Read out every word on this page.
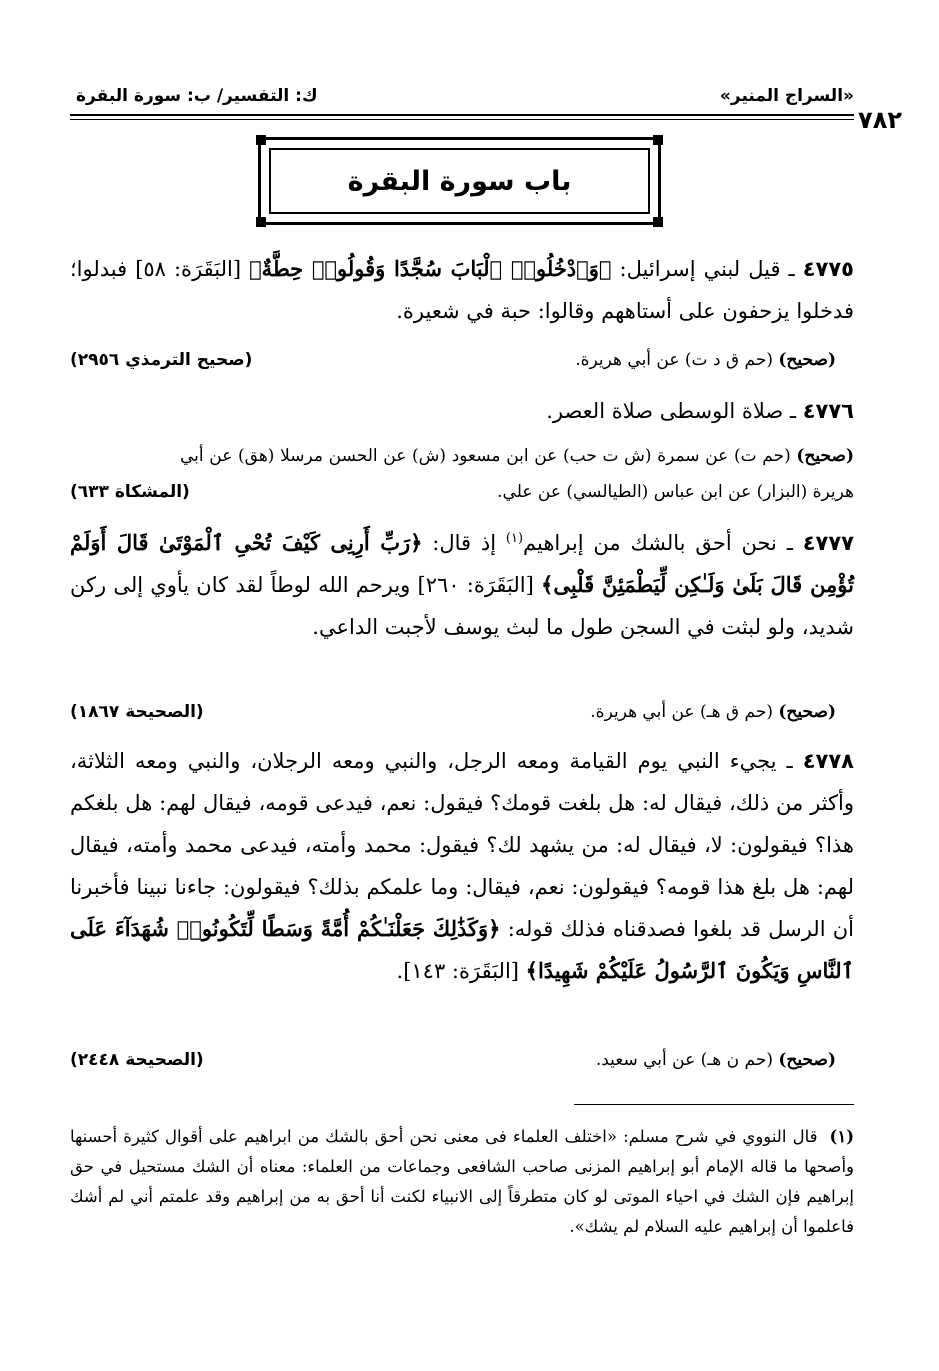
«السراج المنير»
ك: التفسير/ ب: سورة البقرة
٧٨٢
باب سورة البقرة
٤٧٧٥ ـ قيل لبني إسرائيل: ﴿وَٱدْخُلُوا۟ ٱلْبَابَ سُجَّدًا وَقُولُوا۟ حِطَّةٌ﴾ [البَقَرَة: ٥٨] فبدلوا؛ فدخلوا يزحفون على أستاههم وقالوا: حبة في شعيرة.
(صحيح) (حم ق د ت) عن أبي هريرة.
(صحيح الترمذي ٢٩٥٦)
٤٧٧٦ ـ صلاة الوسطى صلاة العصر.
(صحيح) (حم ت) عن سمرة (ش ت حب) عن ابن مسعود (ش) عن الحسن مرسلا (هق) عن أبي هريرة (البزار) عن ابن عباس (الطيالسي) عن علي.
(المشكاة ٦٣٣)
٤٧٧٧ ـ نحن أحق بالشك من إبراهيم$^{(١)}$ إذ قال: ﴿رَبِّ أَرِنِى كَيْفَ تُحْىِ ٱلْمَوْتَىٰ قَالَ أَوَلَمْ تُؤْمِن قَالَ بَلَىٰ وَلَـٰكِن لِّيَطْمَئِنَّ قَلْبِى﴾ [البَقَرَة: ٢٦٠] ويرحم الله لوطاً لقد كان يأوي إلى ركن شديد، ولو لبثت في السجن طول ما لبث يوسف لأجبت الداعي.
(صحيح) (حم ق هـ) عن أبي هريرة.
(الصحيحة ١٨٦٧)
٤٧٧٨ ـ يجيء النبي يوم القيامة ومعه الرجل، والنبي ومعه الرجلان، والنبي ومعه الثلاثة، وأكثر من ذلك، فيقال له: هل بلغت قومك؟ فيقول: نعم، فيدعى قومه، فيقال لهم: هل بلغكم هذا؟ فيقولون: لا، فيقال له: من يشهد لك؟ فيقول: محمد وأمته، فيدعى محمد وأمته، فيقال لهم: هل بلغ هذا قومه؟ فيقولون: نعم، فيقال: وما علمكم بذلك؟ فيقولون: جاءنا نبينا فأخبرنا أن الرسل قد بلغوا فصدقناه فذلك قوله: ﴿وَكَذَٰلِكَ جَعَلْنَـٰكُمْ أُمَّةً وَسَطًا لِّتَكُونُوا۟ شُهَدَآءَ عَلَى ٱلنَّاسِ وَيَكُونَ ٱلرَّسُولُ عَلَيْكُمْ شَهِيدًا﴾ [البَقَرَة: ١٤٣].
(صحيح) (حم ن هـ) عن أبي سعيد.
(الصحيحة ٢٤٤٨)
(١)قال النووي في شرح مسلم: «اختلف العلماء فى معنى نحن أحق بالشك من ابراهيم على أقوال كثيرة أحسنها وأصحها ما قاله الإمام أبو إبراهيم المزنى صاحب الشافعى وجماعات من العلماء: معناه أن الشك مستحيل في حق إبراهيم فإن الشك في احياء الموتى لو كان متطرقاً إلى الانبياء لكنت أنا أحق به من إبراهيم وقد علمتم أني لم أشك فاعلموا أن إبراهيم عليه السلام لم يشك».
